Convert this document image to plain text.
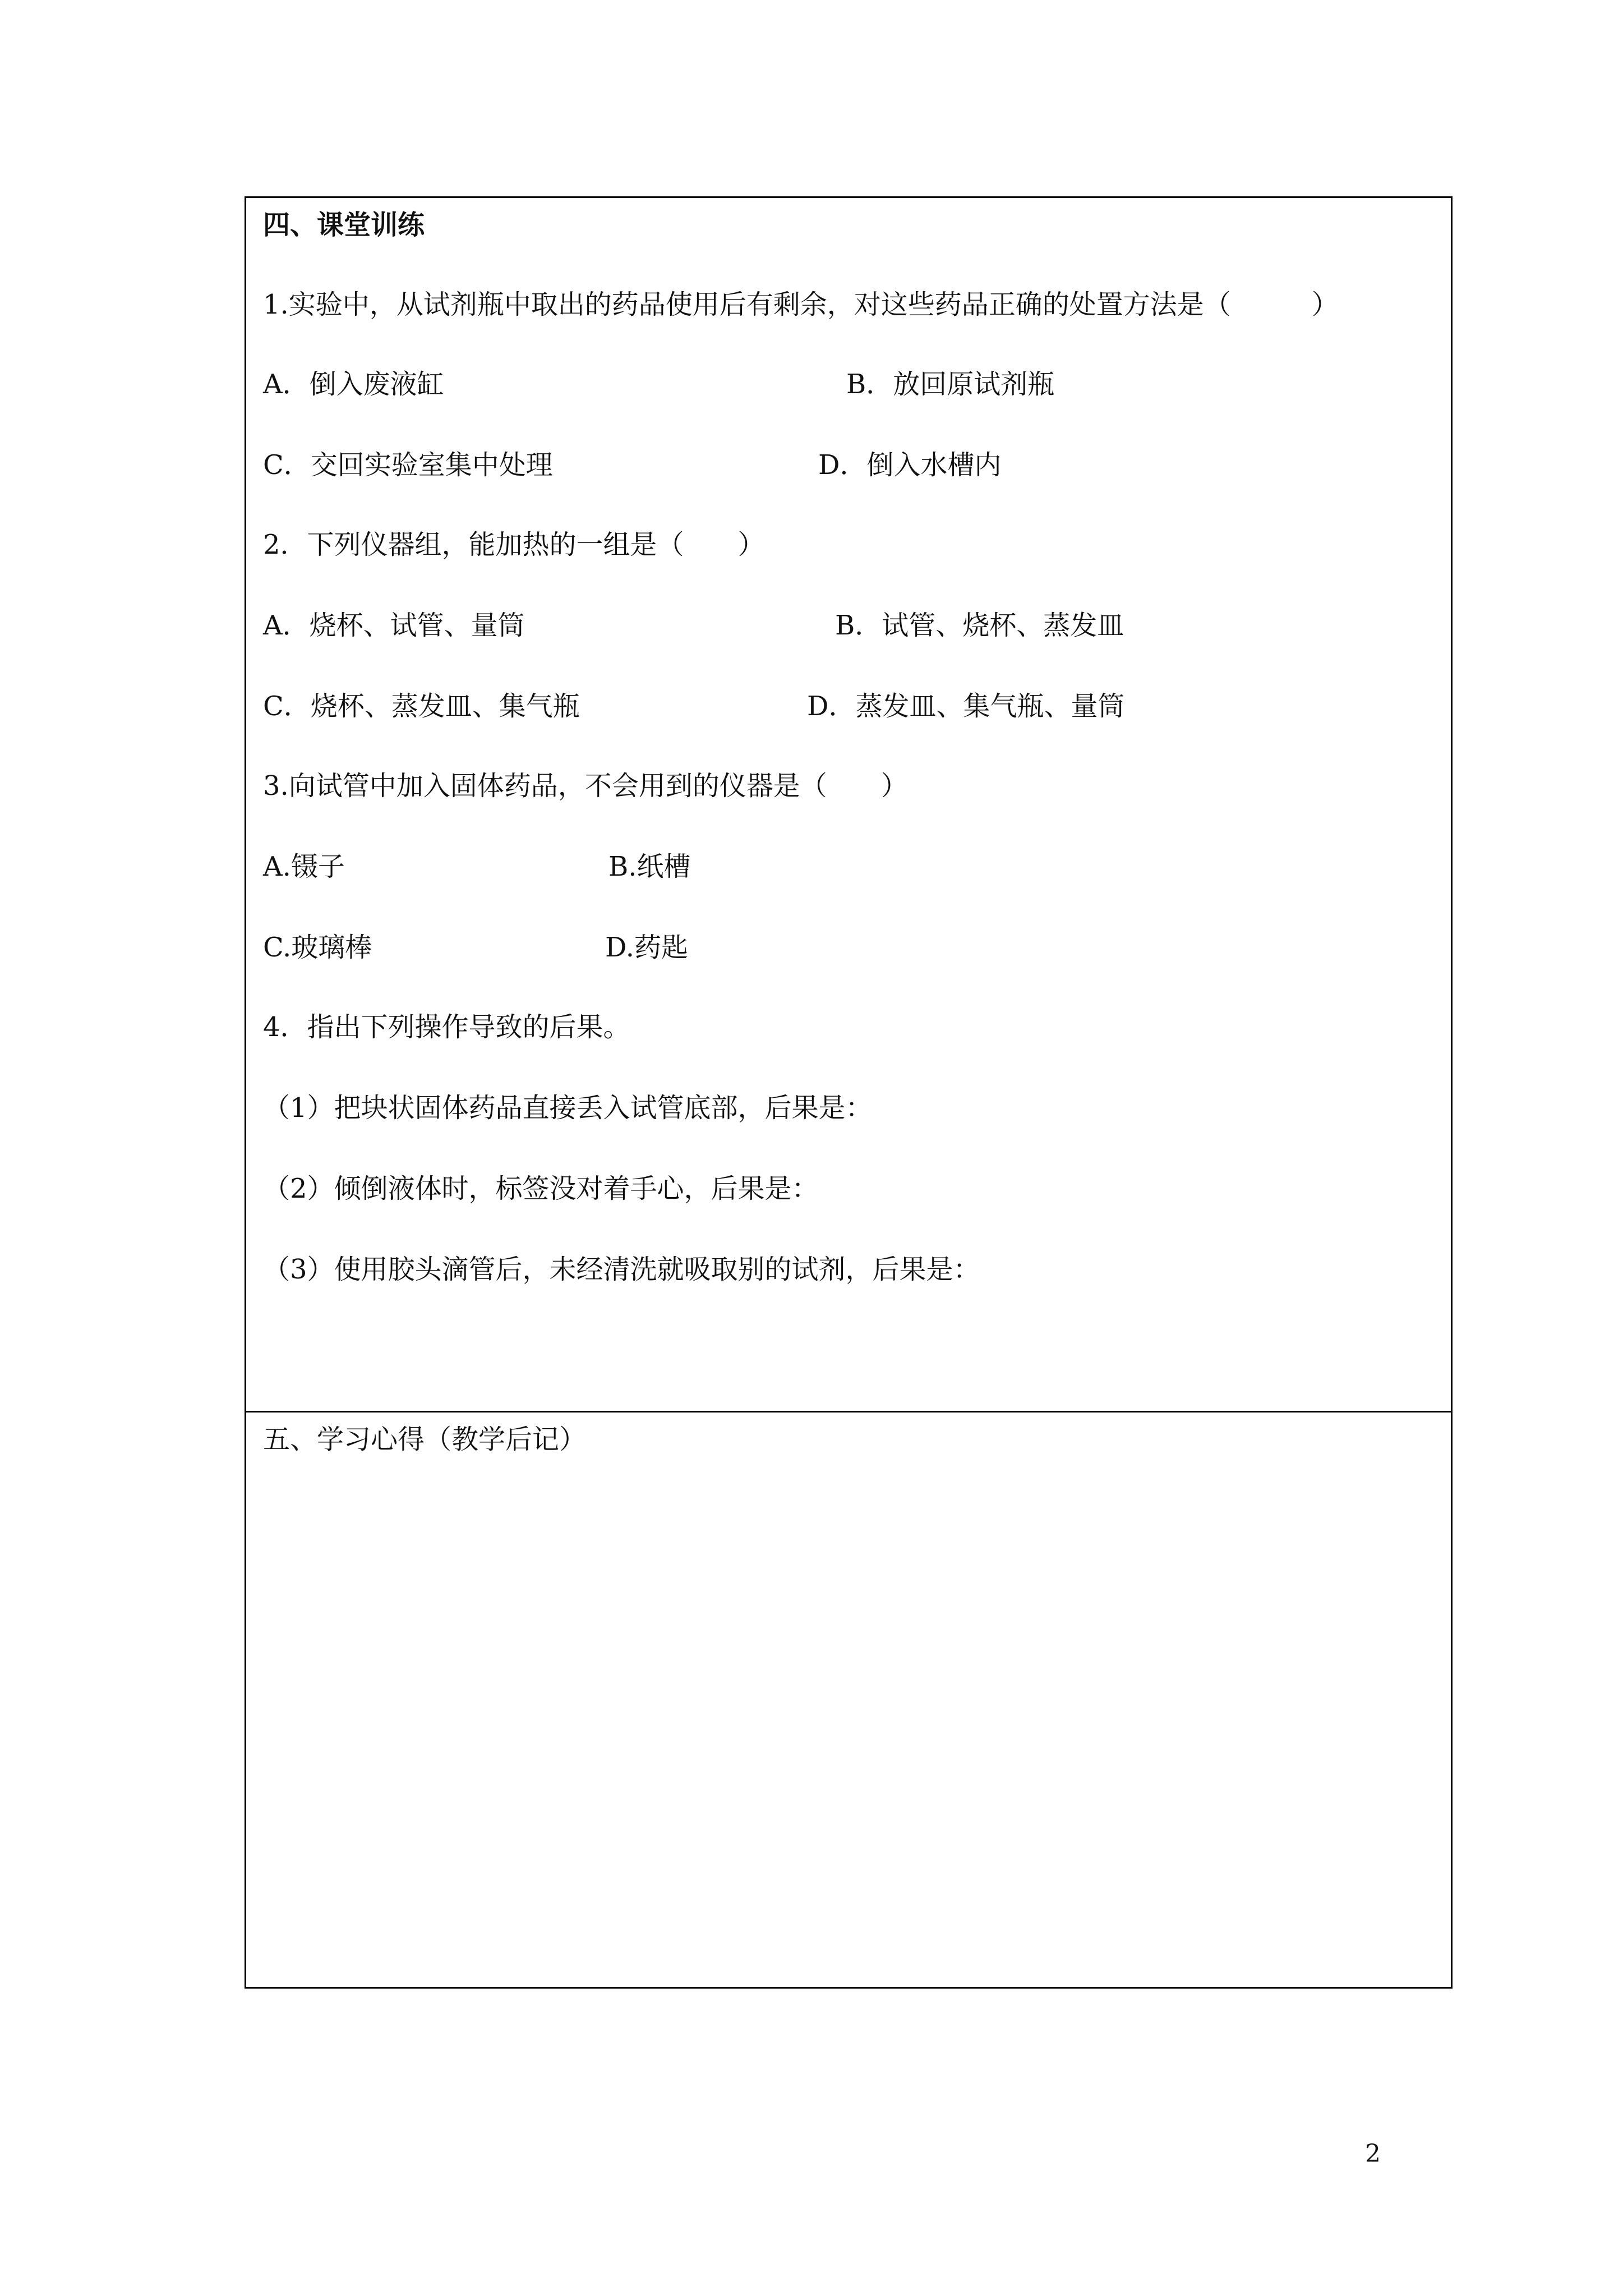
四、课堂训练
1.实验中，从试剂瓶中取出的药品使用后有剩余，对这些药品正确的处置方法是（　　　）
A．倒入废液缸	B．放回原试剂瓶
C．交回实验室集中处理	D．倒入水槽内
2．下列仪器组，能加热的一组是（　　）
A．烧杯、试管、量筒	B．试管、烧杯、蒸发皿
C．烧杯、蒸发皿、集气瓶	D．蒸发皿、集气瓶、量筒
3.向试管中加入固体药品，不会用到的仪器是（　　）
A.镊子	B.纸槽
C.玻璃棒	D.药匙
4．指出下列操作导致的后果。
（1）把块状固体药品直接丢入试管底部，后果是：
（2）倾倒液体时，标签没对着手心，后果是：
（3）使用胶头滴管后，未经清洗就吸取别的试剂，后果是：
五、学习心得（教学后记）
2
